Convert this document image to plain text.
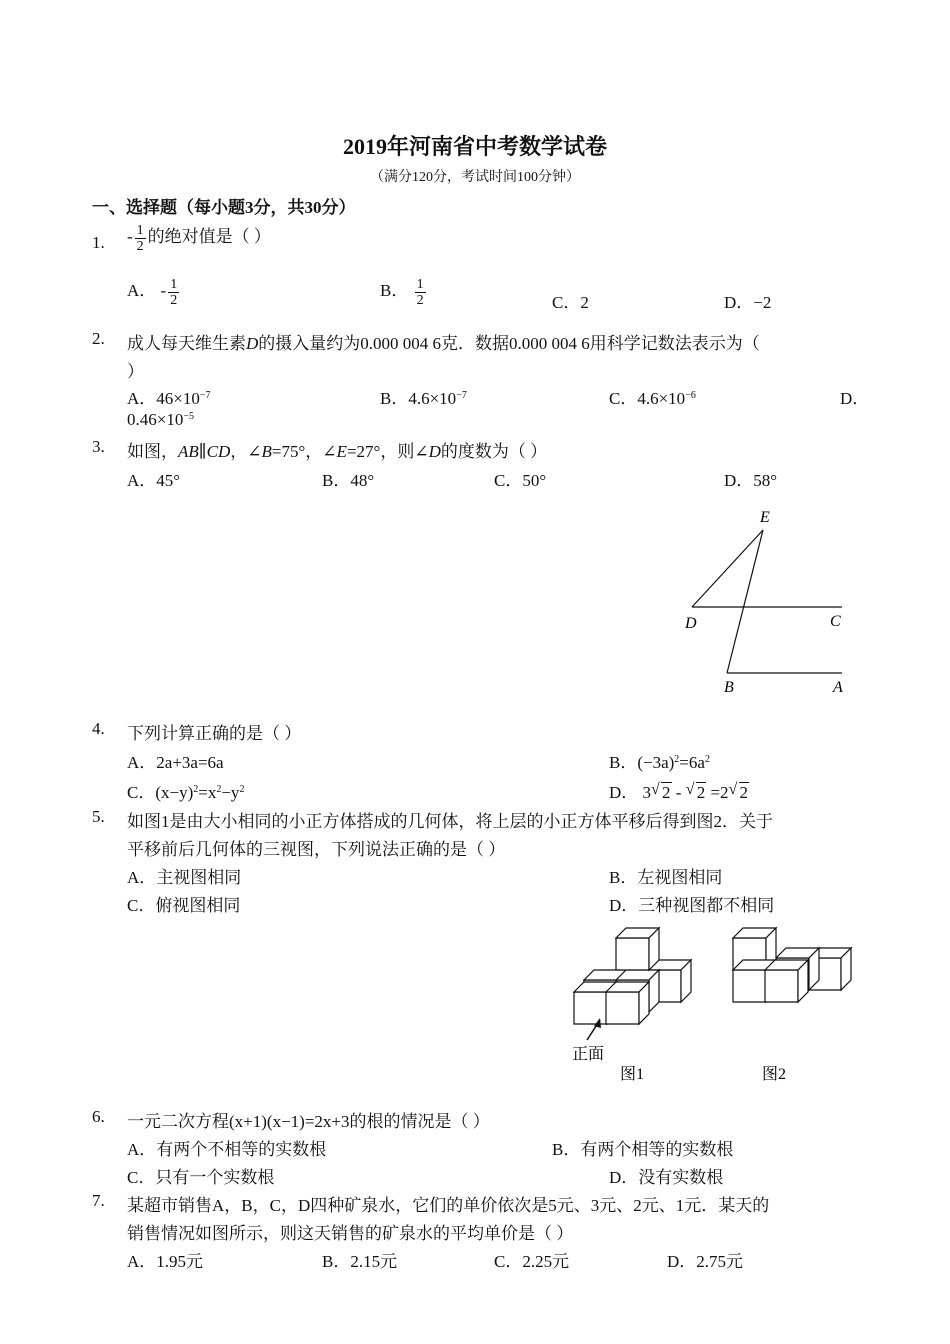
2019年河南省中考数学试卷
（满分120分，考试时间100分钟）
一、选择题（每小题3分，共30分）
1. - $\frac{1}{2}$ 的绝对值是（ ）
A． - $\frac{1}{2}$	B． $\frac{1}{2}$	C．2	D．−2
2. 成人每天维生素D的摄入量约为0.000 004 6克．数据0.000 004 6用科学记数法表示为（
）
A．$46\times 10^{-7}$	B．$4.6\times 10^{-7}$	C．$4.6\times 10^{-6}$	D．
$0.46\times 10^{-5}$
3. 如图，AB∥CD，∠B=75°，∠E=27°，则∠D的度数为（ ）
A．45°	B．48°	C．50°	D．58°
E
D	C
B	A
4. 下列计算正确的是（ ）
A．2a+3a=6a	B．$(-3a)^2=6a^2$
C．$(x-y)^2=x^2-y^2$	D． 3 √ 2 - √ 2 =2 √ 2
5. 如图1是由大小相同的小正方体搭成的几何体，将上层的小正方体平移后得到图2．关于
平移前后几何体的三视图，下列说法正确的是（ ）
A．主视图相同	B．左视图相同
C．俯视图相同	D．三种视图都不相同
正面
图1	图2
6. 一元二次方程(x+1)(x−1)=2x+3的根的情况是（ ）
A．有两个不相等的实数根	B．有两个相等的实数根
C．只有一个实数根	D．没有实数根
7. 某超市销售A，B，C，D四种矿泉水，它们的单价依次是5元、3元、2元、1元．某天的
销售情况如图所示，则这天销售的矿泉水的平均单价是（ ）
A．1.95元	B．2.15元	C．2.25元	D．2.75元
